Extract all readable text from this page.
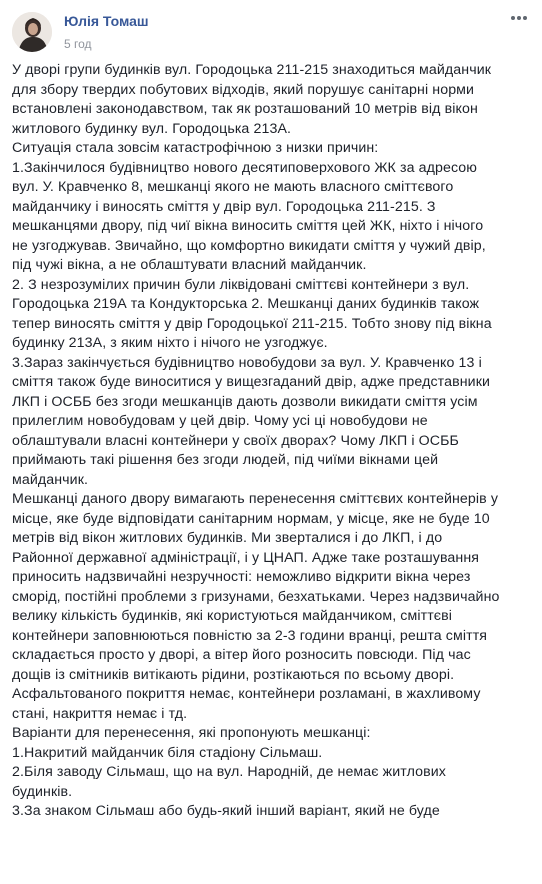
Юлія Томаш
5 год

У дворі групи будинків вул. Городоцька 211-215 знаходиться майданчик
для збору твердих побутових відходів, який порушує санітарні норми
встановлені законодавством, так як розташований 10 метрів від вікон
житлового будинку вул. Городоцька 213А.

Ситуація стала зовсім катастрофічною з низки причин:

1.Закінчилося будівництво нового десятиповерхового ЖК за адресою
вул. У. Кравченко 8, мешканці якого не мають власного сміттєвого
майданчику і виносять сміття у двір вул. Городоцька 211-215. З
мешканцями двору, під чиї вікна виносить сміття цей ЖК, ніхто і нічого
не узгоджував. Звичайно, що комфортно викидати сміття у чужий двір,
під чужі вікна, а не облаштувати власний майданчик.

2. З незрозумілих причин були ліквідовані сміттєві контейнери з вул.
Городоцька 219А та Кондукторська 2. Мешканці даних будинків також
тепер виносять сміття у двір Городоцької 211-215. Тобто знову під вікна
будинку 213А, з яким ніхто і нічого не узгоджує.

3.Зараз закінчується будівництво новобудови за вул. У. Кравченко 13 і
сміття також буде виноситися у вищезгаданий двір, адже представники
ЛКП і ОСББ без згоди мешканців дають дозволи викидати сміття усім
прилеглим новобудовам у цей двір. Чому усі ці новобудови не
облаштували власні контейнери у своїх дворах? Чому ЛКП і ОСББ
приймають такі рішення без згоди людей, під чиїми вікнами цей
майданчик.

Мешканці даного двору вимагають перенесення сміттєвих контейнерів у
місце, яке буде відповідати санітарним нормам, у місце, яке не буде 10
метрів від вікон житлових будинків. Ми зверталися і до ЛКП, і до
Районної державної адміністрації, і у ЦНАП. Адже таке розташування
приносить надзвичайні незручності: неможливо відкрити вікна через
сморід, постійні проблеми з гризунами, безхатьками. Через надзвичайно
велику кількість будинків, які користуються майданчиком, сміттєві
контейнери заповнюються повністю за 2-3 години вранці, решта сміття
складається просто у дворі, а вітер його розносить повсюди. Під час
дощів із смітників витікають рідини, розтікаються по всьому дворі.
Асфальтованого покриття немає, контейнери розламані, в жахливому
стані, накриття немає і тд.

Варіанти для перенесення, які пропонують мешканці:

1.Накритий майданчик біля стадіону Сільмаш.

2.Біля заводу Сільмаш, що на вул. Народній, де немає житлових
будинків.

3.За знаком Сільмаш або будь-який інший варіант, який не буде
